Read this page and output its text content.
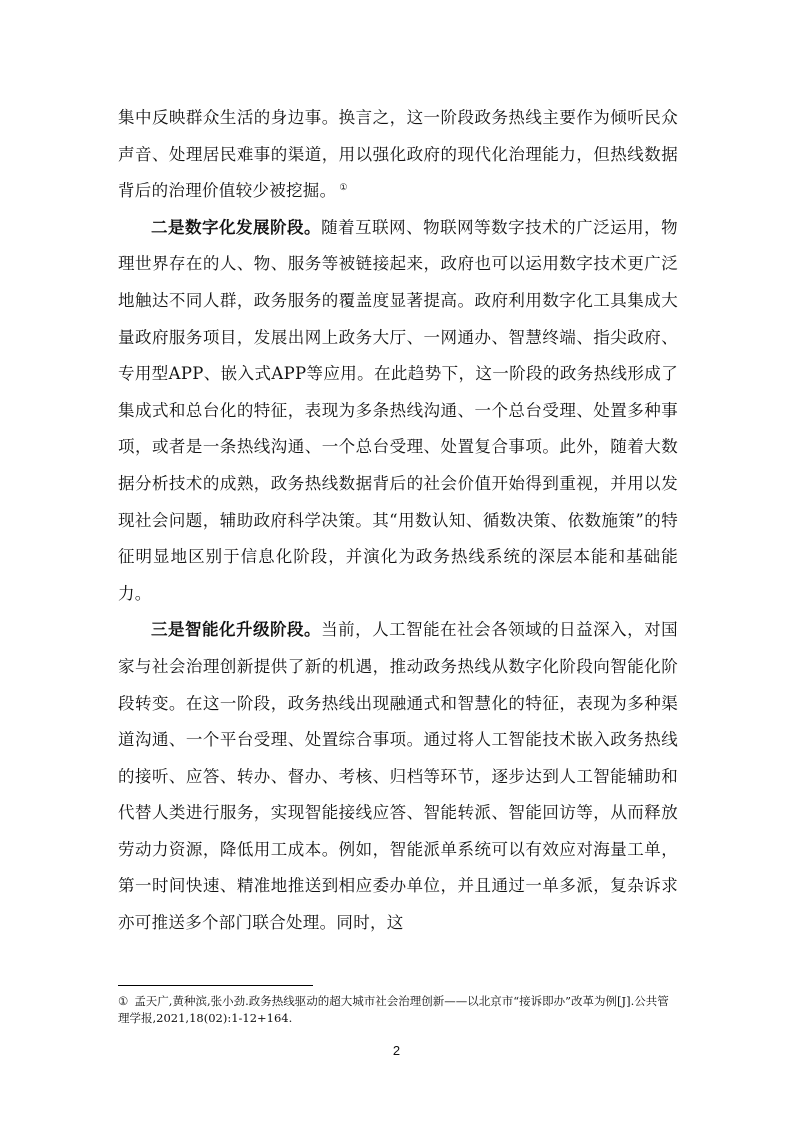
集中反映群众生活的身边事。换言之，这一阶段政务热线主要作为倾听民众声音、处理居民难事的渠道，用以强化政府的现代化治理能力，但热线数据背后的治理价值较少被挖掘。 ①

二是数字化发展阶段。随着互联网、物联网等数字技术的广泛运用，物理世界存在的人、物、服务等被链接起来，政府也可以运用数字技术更广泛地触达不同人群，政务服务的覆盖度显著提高。政府利用数字化工具集成大量政府服务项目，发展出网上政务大厅、一网通办、智慧终端、指尖政府、专用型APP、嵌入式APP等应用。在此趋势下，这一阶段的政务热线形成了集成式和总台化的特征，表现为多条热线沟通、一个总台受理、处置多种事项，或者是一条热线沟通、一个总台受理、处置复合事项。此外，随着大数据分析技术的成熟，政务热线数据背后的社会价值开始得到重视，并用以发现社会问题，辅助政府科学决策。其“用数认知、循数决策、依数施策”的特征明显地区别于信息化阶段，并演化为政务热线系统的深层本能和基础能力。

三是智能化升级阶段。当前，人工智能在社会各领域的日益深入，对国家与社会治理创新提供了新的机遇，推动政务热线从数字化阶段向智能化阶段转变。在这一阶段，政务热线出现融通式和智慧化的特征，表现为多种渠道沟通、一个平台受理、处置综合事项。通过将人工智能技术嵌入政务热线的接听、应答、转办、督办、考核、归档等环节，逐步达到人工智能辅助和代替人类进行服务，实现智能接线应答、智能转派、智能回访等，从而释放劳动力资源，降低用工成本。例如，智能派单系统可以有效应对海量工单，第一时间快速、精准地推送到相应委办单位，并且通过一单多派，复杂诉求亦可推送多个部门联合处理。同时，这

① 孟天广,黄种滨,张小劲.政务热线驱动的超大城市社会治理创新——以北京市“接诉即办”改革为例[J].公共管理学报,2021,18(02):1-12+164.

2
